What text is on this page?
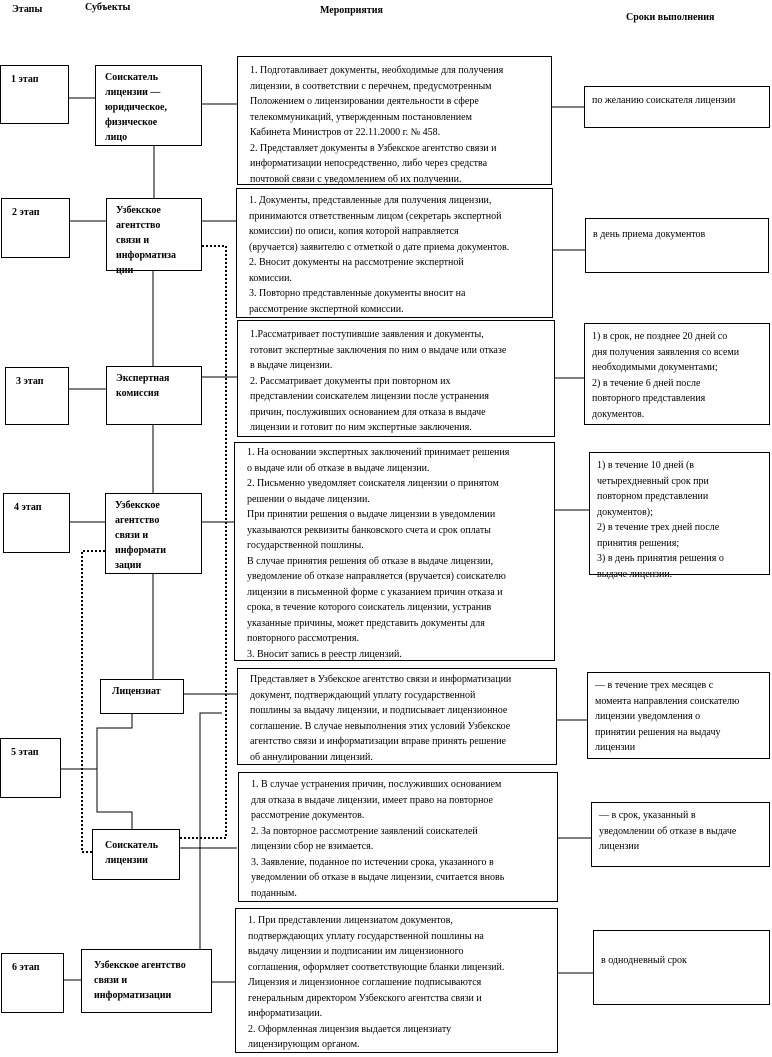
Этапы	Субъекты	Мероприятия
Сроки выполнения
1 этап
2 этап
3 этап
4 этап
5 этап
6 этап
Соискатель
лицензии —
юридическое,
физическое
лицо
Узбекское
агентство
связи и
информатиза
ции
Экспертная
комиссия
Узбекское
агентство
связи и
информати
зации
Лицензиат
Соискатель
лицензии
Узбекское агентство
связи и
информатизации
1. Подготавливает документы, необходимые для получения
лицензии, в соответствии с перечнем, предусмотренным
Положением о лицензировании деятельности в сфере
телекоммуникаций, утвержденным постановлением
Кабинета Министров от 22.11.2000 г. № 458.
2. Представляет документы в Узбекское агентство связи и
информатизации непосредственно, либо через средства
почтовой связи с уведомлением об их получении.
1. Документы, представленные для получения лицензии,
принимаются ответственным лицом (секретарь экспертной
комиссии) по описи, копия которой направляется
(вручается) заявителю с отметкой о дате приема документов.
2. Вносит документы на рассмотрение экспертной
комиссии.
3. Повторно представленные документы вносит на
рассмотрение экспертной комиссии.
1.Рассматривает поступившие заявления и документы,
готовит экспертные заключения по ним о выдаче или отказе
в выдаче лицензии.
2. Рассматривает документы при повторном их
представлении соискателем лицензии после устранения
причин, послуживших основанием для отказа в выдаче
лицензии и готовит по ним экспертные заключения.
1. На основании экспертных заключений принимает решения
о выдаче или об отказе в выдаче лицензии.
2. Письменно уведомляет соискателя лицензии о принятом
решении о выдаче лицензии.
При принятии решения о выдаче лицензии в уведомлении
указываются реквизиты банковского счета и срок оплаты
государственной пошлины.
В случае принятия решения об отказе в выдаче лицензии,
уведомление об отказе направляется (вручается) соискателю
лицензии в письменной форме с указанием причин отказа и
срока, в течение которого соискатель лицензии, устранив
указанные причины, может представить документы для
повторного рассмотрения.
3. Вносит запись в реестр лицензий.
Представляет в Узбекское агентство связи и информатизации
документ, подтверждающий уплату государственной
пошлины за выдачу лицензии, и подписывает лицензионное
соглашение. В случае невыполнения этих условий Узбекское
агентство связи и информатизации вправе принять решение
об аннулировании лицензий.
1. В случае устранения причин, послуживших основанием
для отказа в выдаче лицензии, имеет право на повторное
рассмотрение документов.
2. За повторное рассмотрение заявлений соискателей
лицензии сбор не взимается.
3. Заявление, поданное по истечении срока, указанного в
уведомлении об отказе в выдаче лицензии, считается вновь
поданным.
1. При представлении лицензиатом документов,
подтверждающих уплату государственной пошлины на
выдачу лицензии и подписании им лицензионного
соглашения, оформляет соответствующие бланки лицензий.
Лицензия и лицензионное соглашение подписываются
генеральным директором Узбекского агентства связи и
информатизации.
2. Оформленная лицензия выдается лицензиату
лицензирующим органом.
по желанию соискателя лицензии
в день приема документов
1) в срок, не позднее 20 дней со
дня получения заявления со всеми
необходимыми документами;
2) в течение 6 дней после
повторного представления
документов.
1) в течение 10 дней (в
четырехдневный срок при
повторном представлении
документов);
2) в течение трех дней после
принятия решения;
3) в день принятия решения о
выдаче лицензии.
— в течение трех месяцев с
момента направления соискателю
лицензии уведомления о
принятии решения на выдачу
лицензии
— в срок, указанный в
уведомлении об отказе в выдаче
лицензии
в однодневный срок
